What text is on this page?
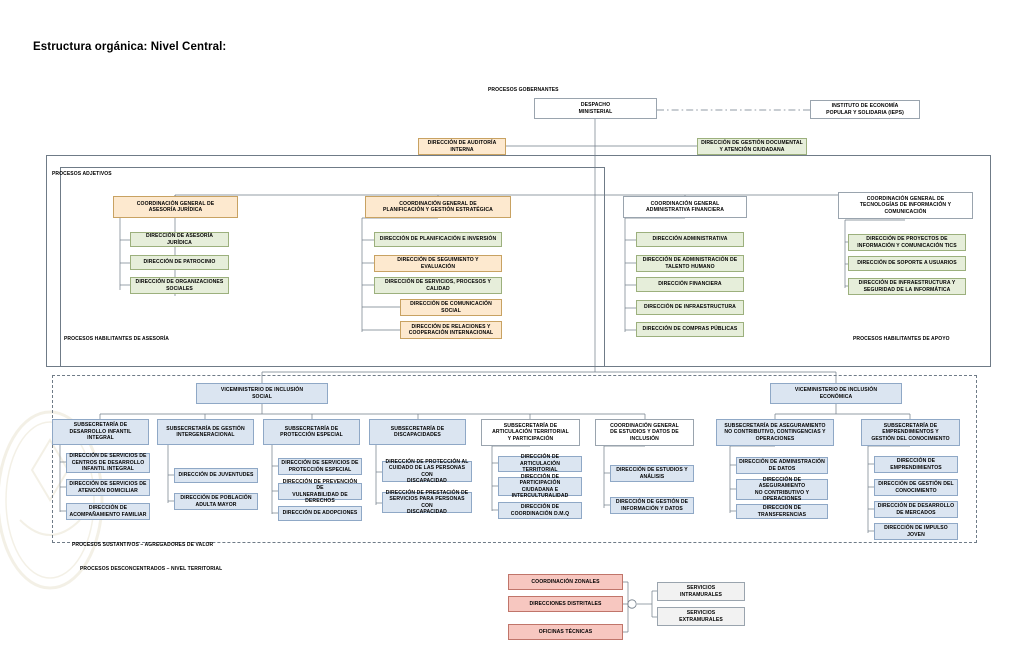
Estructura orgánica: Nivel Central:
PROCESOS GOBERNANTES
PROCESOS ADJETIVOS
PROCESOS HABILITANTES DE ASESORÍA	PROCESOS HABILITANTES DE APOYO
PROCESOS SUSTANTIVOS – AGREGADORES DE VALOR
PROCESOS DESCONCENTRADOS – NIVEL TERRITORIAL
DESPACHO
MINISTERIAL
INSTITUTO DE ECONOMÍA
POPULAR Y SOLIDARIA (IEPS)
DIRECCIÓN DE AUDITORÍA
INTERNA
DIRECCIÓN DE GESTIÓN DOCUMENTAL
Y ATENCIÓN CIUDADANA
COORDINACIÓN GENERAL DE
ASESORÍA JURÍDICA
DIRECCIÓN DE ASESORÍA JURÍDICA
DIRECCIÓN DE PATROCINIO
DIRECCIÓN DE ORGANIZACIONES
SOCIALES
COORDINACIÓN GENERAL DE
PLANIFICACIÓN Y GESTIÓN ESTRATÉGICA
DIRECCIÓN DE PLANIFICACIÓN E INVERSIÓN
DIRECCIÓN DE SEGUIMIENTO Y
EVALUACIÓN
DIRECCIÓN DE SERVICIOS, PROCESOS Y
CALIDAD
DIRECCIÓN DE COMUNICACIÓN
SOCIAL
DIRECCIÓN DE RELACIONES Y
COOPERACIÓN INTERNACIONAL
COORDINACIÓN GENERAL
ADMINISTRATIVA FINANCIERA
DIRECCIÓN ADMINISTRATIVA
DIRECCIÓN DE ADMINISTRACIÓN DE
TALENTO HUMANO
DIRECCIÓN FINANCIERA
DIRECCIÓN DE INFRAESTRUCTURA
DIRECCIÓN DE COMPRAS PÚBLICAS
COORDINACIÓN GENERAL DE
TECNOLOGÍAS DE INFORMACIÓN Y
COMUNICACIÓN
DIRECCIÓN DE PROYECTOS DE
INFORMACIÓN Y COMUNICACIÓN TICS
DIRECCIÓN DE SOPORTE A USUARIOS
DIRECCIÓN DE INFRAESTRUCTURA Y
SEGURIDAD DE LA INFORMÁTICA
VICEMINISTERIO DE INCLUSIÓN
SOCIAL
VICEMINISTERIO DE INCLUSIÓN
ECONÓMICA
SUBSECRETARÍA DE
DESARROLLO INFANTIL
INTEGRAL
DIRECCIÓN DE SERVICIOS DE
CENTROS DE DESARROLLO
INFANTIL INTEGRAL
DIRECCIÓN DE SERVICIOS DE
ATENCIÓN DOMICILIAR
DIRECCIÓN DE
ACOMPAÑAMIENTO FAMILIAR
SUBSECRETARÍA DE GESTIÓN
INTERGENERACIONAL
DIRECCIÓN DE JUVENTUDES
DIRECCIÓN DE POBLACIÓN
ADULTA MAYOR
SUBSECRETARÍA DE
PROTECCIÓN ESPECIAL
DIRECCIÓN DE SERVICIOS DE
PROTECCIÓN ESPECIAL
DIRECCIÓN DE PREVENCIÓN DE
VULNERABILIDAD DE DERECHOS
DIRECCIÓN DE ADOPCIONES
SUBSECRETARÍA DE
DISCAPACIDADES
DIRECCIÓN DE PROTECCIÓN AL
CUIDADO DE LAS PERSONAS CON
DISCAPACIDAD
DIRECCIÓN DE PRESTACIÓN DE
SERVICIOS PARA PERSONAS CON
DISCAPACIDAD
SUBSECRETARÍA DE
ARTICULACIÓN TERRITORIAL
Y PARTICIPACIÓN
DIRECCIÓN DE ARTICULACIÓN
TERRITORIAL
DIRECCIÓN DE PARTICIPACIÓN
CIUDADANA E
INTERCULTURALIDAD
DIRECCIÓN DE
COORDINACIÓN D.M.Q
COORDINACIÓN GENERAL
DE ESTUDIOS Y DATOS DE
INCLUSIÓN
DIRECCIÓN DE ESTUDIOS Y
ANÁLISIS
DIRECCIÓN DE GESTIÓN DE
INFORMACIÓN Y DATOS
SUBSECRETARÍA DE ASEGURAMIENTO
NO CONTRIBUTIVO, CONTINGENCIAS Y
OPERACIONES
DIRECCIÓN DE ADMINISTRACIÓN
DE DATOS
DIRECCIÓN DE ASEGURAMIENTO
NO CONTRIBUTIVO Y
OPERACIONES
DIRECCIÓN DE TRANSFERENCIAS
SUBSECRETARÍA DE
EMPRENDIMIENTOS Y
GESTIÓN DEL CONOCIMIENTO
DIRECCIÓN DE
EMPRENDIMIENTOS
DIRECCIÓN DE GESTIÓN DEL
CONOCIMIENTO
DIRECCIÓN DE DESARROLLO
DE MERCADOS
DIRECCIÓN DE IMPULSO
JOVEN
COORDINACIÓN ZONALES
DIRECCIONES DISTRITALES
OFICINAS TÉCNICAS
SERVICIOS
INTRAMURALES
SERVICIOS
EXTRAMURALES
